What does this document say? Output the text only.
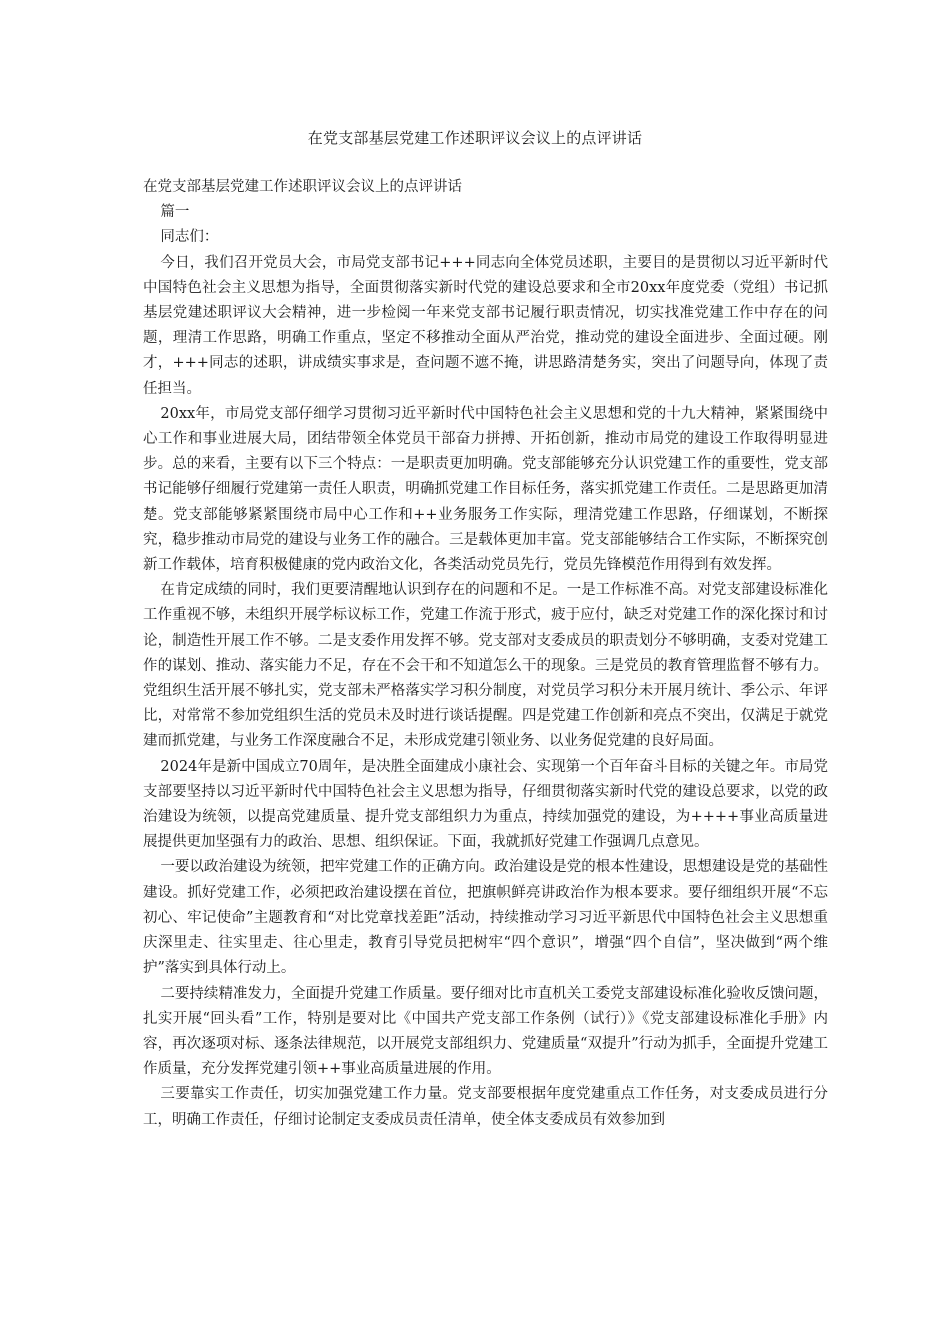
在党支部基层党建工作述职评议会议上的点评讲话

在党支部基层党建工作述职评议会议上的点评讲话

篇一

同志们：

今日，我们召开党员大会，市局党支部书记+++同志向全体党员述职，主要目的是贯彻以习近平新时代中国特色社会主义思想为指导，全面贯彻落实新时代党的建设总要求和全市20xx年度党委（党组）书记抓基层党建述职评议大会精神，进一步检阅一年来党支部书记履行职责情况，切实找准党建工作中存在的问题，理清工作思路，明确工作重点，坚定不移推动全面从严治党，推动党的建设全面进步、全面过硬。刚才，+++同志的述职，讲成绩实事求是，查问题不遮不掩，讲思路清楚务实，突出了问题导向，体现了责任担当。

20xx年，市局党支部仔细学习贯彻习近平新时代中国特色社会主义思想和党的十九大精神，紧紧围绕中心工作和事业进展大局，团结带领全体党员干部奋力拼搏、开拓创新，推动市局党的建设工作取得明显进步。总的来看，主要有以下三个特点：一是职责更加明确。党支部能够充分认识党建工作的重要性，党支部书记能够仔细履行党建第一责任人职责，明确抓党建工作目标任务，落实抓党建工作责任。二是思路更加清楚。党支部能够紧紧围绕市局中心工作和++业务服务工作实际，理清党建工作思路，仔细谋划，不断探究，稳步推动市局党的建设与业务工作的融合。三是载体更加丰富。党支部能够结合工作实际，不断探究创新工作载体，培育积极健康的党内政治文化，各类活动党员先行，党员先锋模范作用得到有效发挥。

在肯定成绩的同时，我们更要清醒地认识到存在的问题和不足。一是工作标准不高。对党支部建设标准化工作重视不够，未组织开展学标议标工作，党建工作流于形式，疲于应付，缺乏对党建工作的深化探讨和讨论，制造性开展工作不够。二是支委作用发挥不够。党支部对支委成员的职责划分不够明确，支委对党建工作的谋划、推动、落实能力不足，存在不会干和不知道怎么干的现象。三是党员的教育管理监督不够有力。党组织生活开展不够扎实，党支部未严格落实学习积分制度，对党员学习积分未开展月统计、季公示、年评比，对常常不参加党组织生活的党员未及时进行谈话提醒。四是党建工作创新和亮点不突出，仅满足于就党建而抓党建，与业务工作深度融合不足，未形成党建引领业务、以业务促党建的良好局面。

2024年是新中国成立70周年，是决胜全面建成小康社会、实现第一个百年奋斗目标的关键之年。市局党支部要坚持以习近平新时代中国特色社会主义思想为指导，仔细贯彻落实新时代党的建设总要求，以党的政治建设为统领，以提高党建质量、提升党支部组织力为重点，持续加强党的建设，为++++事业高质量进展提供更加坚强有力的政治、思想、组织保证。下面，我就抓好党建工作强调几点意见。

一要以政治建设为统领，把牢党建工作的正确方向。政治建设是党的根本性建设，思想建设是党的基础性建设。抓好党建工作，必须把政治建设摆在首位，把旗帜鲜亮讲政治作为根本要求。要仔细组织开展“不忘初心、牢记使命”主题教育和“对比党章找差距”活动，持续推动学习习近平新思代中国特色社会主义思想重庆深里走、往实里走、往心里走，教育引导党员把树牢“四个意识”，增强“四个自信”，坚决做到“两个维护”落实到具体行动上。

二要持续精准发力，全面提升党建工作质量。要仔细对比市直机关工委党支部建设标准化验收反馈问题，扎实开展“回头看”工作，特别是要对比《中国共产党支部工作条例（试行）》《党支部建设标准化手册》内容，再次逐项对标、逐条法律规范，以开展党支部组织力、党建质量“双提升”行动为抓手，全面提升党建工作质量，充分发挥党建引领++事业高质量进展的作用。

三要靠实工作责任，切实加强党建工作力量。党支部要根据年度党建重点工作任务，对支委成员进行分工，明确工作责任，仔细讨论制定支委成员责任清单，使全体支委成员有效参加到
